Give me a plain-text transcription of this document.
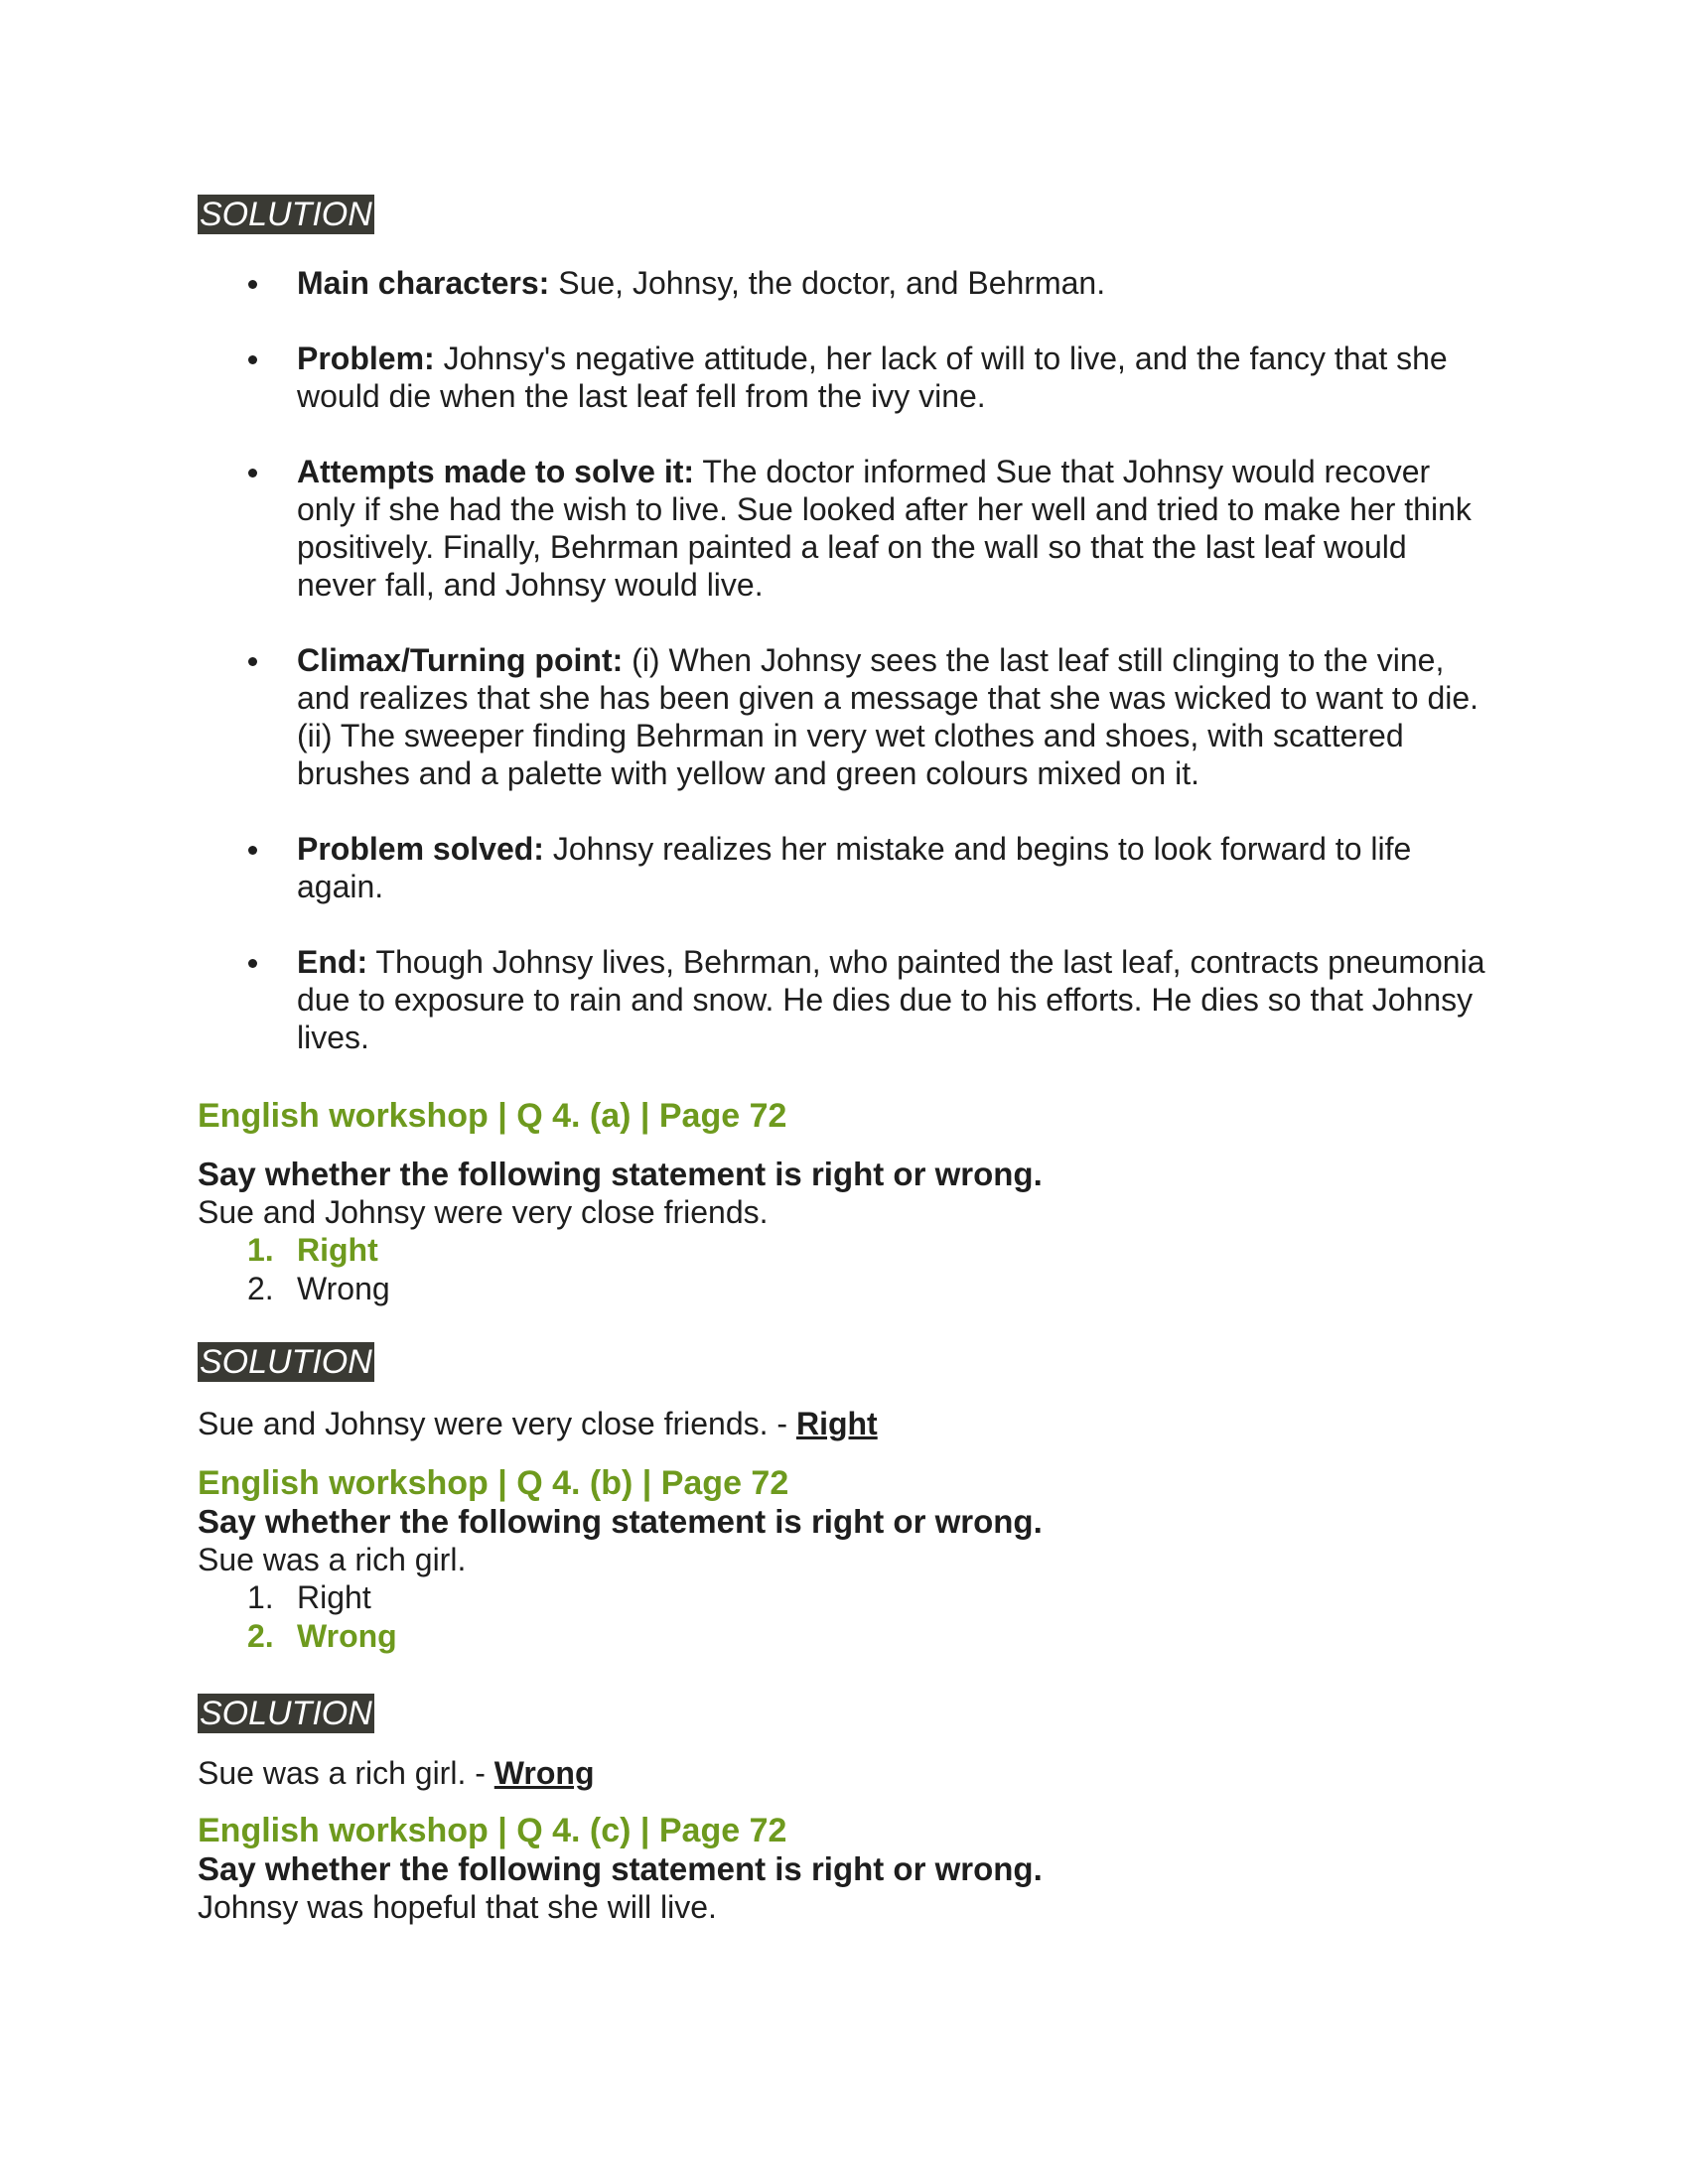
SOLUTION
Main characters: Sue, Johnsy, the doctor, and Behrman.
Problem: Johnsy's negative attitude, her lack of will to live, and the fancy that she would die when the last leaf fell from the ivy vine.
Attempts made to solve it: The doctor informed Sue that Johnsy would recover only if she had the wish to live. Sue looked after her well and tried to make her think positively. Finally, Behrman painted a leaf on the wall so that the last leaf would never fall, and Johnsy would live.
Climax/Turning point: (i) When Johnsy sees the last leaf still clinging to the vine, and realizes that she has been given a message that she was wicked to want to die. (ii) The sweeper finding Behrman in very wet clothes and shoes, with scattered brushes and a palette with yellow and green colours mixed on it.
Problem solved: Johnsy realizes her mistake and begins to look forward to life again.
End: Though Johnsy lives, Behrman, who painted the last leaf, contracts pneumonia due to exposure to rain and snow. He dies due to his efforts. He dies so that Johnsy lives.
English workshop | Q 4. (a) | Page 72
Say whether the following statement is right or wrong.
Sue and Johnsy were very close friends.
1. Right
2. Wrong
SOLUTION
Sue and Johnsy were very close friends. - Right
English workshop | Q 4. (b) | Page 72
Say whether the following statement is right or wrong.
Sue was a rich girl.
1. Right
2. Wrong
SOLUTION
Sue was a rich girl. - Wrong
English workshop | Q 4. (c) | Page 72
Say whether the following statement is right or wrong.
Johnsy was hopeful that she will live.
